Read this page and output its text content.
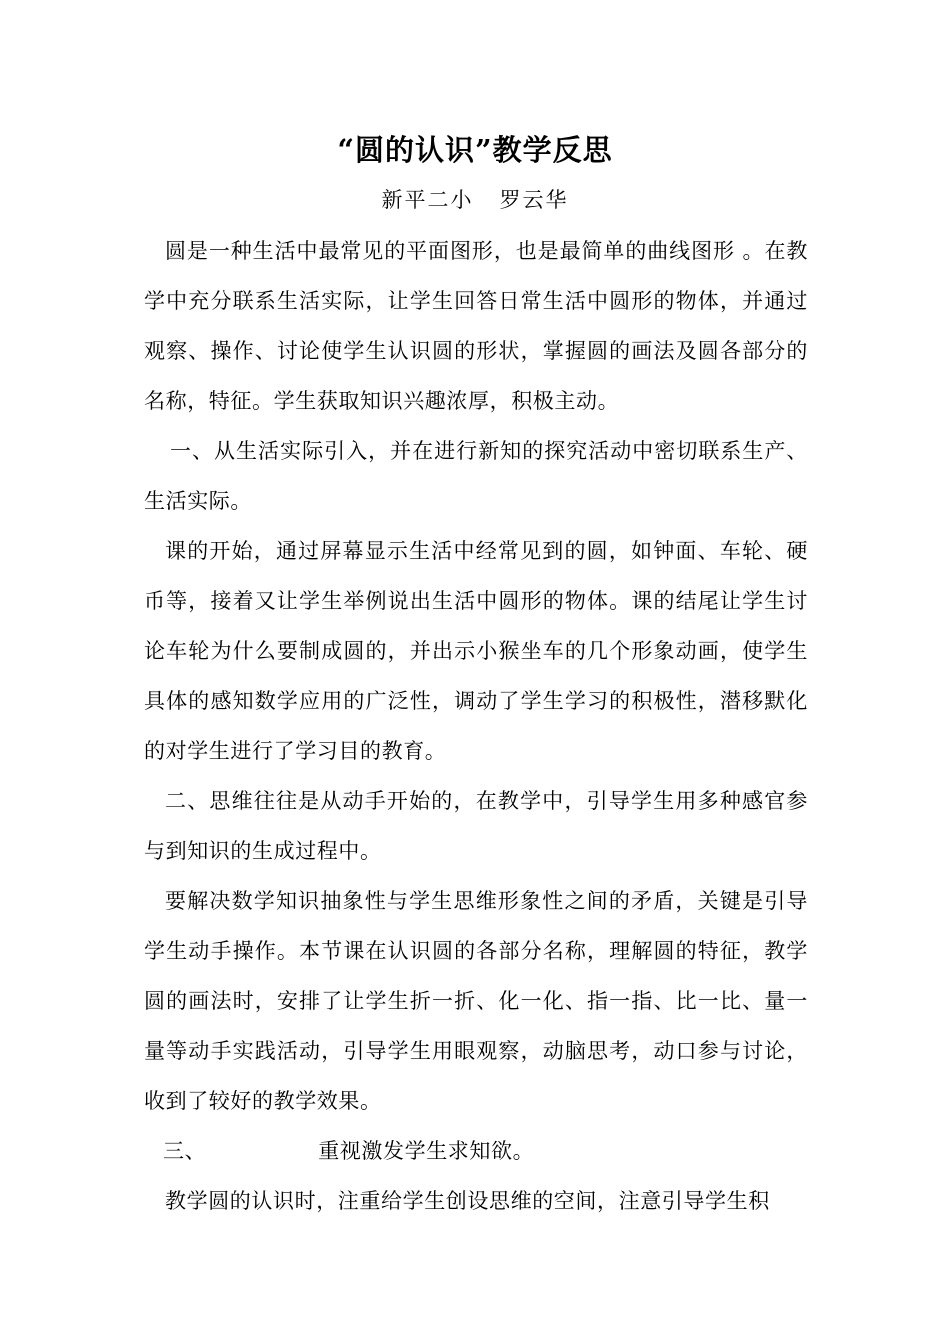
“圆的认识”教学反思
新平二小 罗云华

圆是一种生活中最常见的平面图形，也是最简单的曲线图形 。在教学中充分联系生活实际，让学生回答日常生活中圆形的物体，并通过观察、操作、讨论使学生认识圆的形状，掌握圆的画法及圆各部分的名称，特征。学生获取知识兴趣浓厚，积极主动。

一、从生活实际引入，并在进行新知的探究活动中密切联系生产、生活实际。

课的开始，通过屏幕显示生活中经常见到的圆，如钟面、车轮、硬币等，接着又让学生举例说出生活中圆形的物体。课的结尾让学生讨论车轮为什么要制成圆的，并出示小猴坐车的几个形象动画，使学生具体的感知数学应用的广泛性，调动了学生学习的积极性，潜移默化的对学生进行了学习目的教育。

二、思维往往是从动手开始的，在教学中，引导学生用多种感官参与到知识的生成过程中。

要解决数学知识抽象性与学生思维形象性之间的矛盾，关键是引导学生动手操作。本节课在认识圆的各部分名称，理解圆的特征，教学圆的画法时，安排了让学生折一折、化一化、指一指、比一比、量一量等动手实践活动，引导学生用眼观察，动脑思考，动口参与讨论，收到了较好的教学效果。

三、	重视激发学生求知欲。

教学圆的认识时，注重给学生创设思维的空间，注意引导学生积
